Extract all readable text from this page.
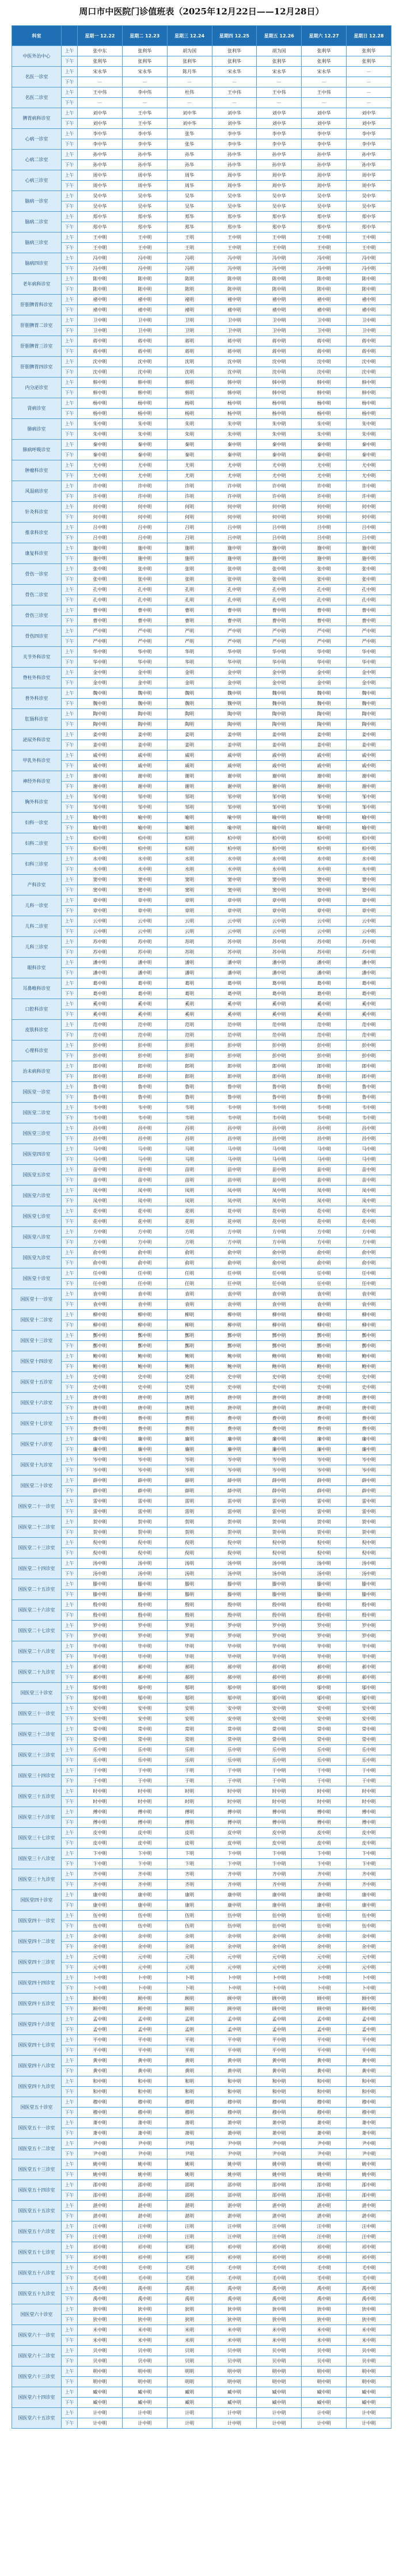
周口市中医院门诊值班表（2025年12月22日——12月28日）
科室		星期一 12.22	星期二 12.23	星期三 12.24	星期四 12.25	星期五 12.26	星期六 12.27	星期日 12.28
中医外治中心	上午	张中东	张利华	胡为国	张利华	胡为国	张利华	张利华
	下午	张利华	张利华	张利华	张利华	张利华	张利华	张利华
名医一诊室	上午	宋永华	宋永华	陈月华	宋永华	宋永华	宋永华	—
	下午	—	—	—	—	—	—	—
名医二诊室	上午	王中伟	李中伟	杜伟	王中伟	王中伟	王中伟	—
	下午	—	—	—	—	—	—	—
脾胃病科诊室	上午	刘中华	王中华	刘中华	刘中华	刘中华	刘中华	刘中华
	下午	刘中华	王中华	刘中华	刘中华	刘中华	刘中华	刘中华
心病一诊室	上午	李中华	李中华	张华	李中华	李中华	李中华	李中华
	下午	李中华	李中华	张华	李中华	李中华	李中华	李中华
心病二诊室	上午	孙中华	孙中华	孙华	孙中华	孙中华	孙中华	孙中华
	下午	孙中华	孙中华	孙华	孙中华	孙中华	孙中华	孙中华
心病三诊室	上午	周中华	周中华	周华	周中华	周中华	周中华	周中华
	下午	周中华	周中华	周华	周中华	周中华	周中华	周中华
脑病一诊室	上午	吴中华	吴中华	吴华	吴中华	吴中华	吴中华	吴中华
	下午	吴中华	吴中华	吴华	吴中华	吴中华	吴中华	吴中华
脑病二诊室	上午	郑中华	郑中华	郑华	郑中华	郑中华	郑中华	郑中华
	下午	郑中华	郑中华	郑华	郑中华	郑中华	郑中华	郑中华
脑病三诊室	上午	王中明	王中明	王明	王中明	王中明	王中明	王中明
	下午	王中明	王中明	王明	王中明	王中明	王中明	王中明
脑病四诊室	上午	冯中明	冯中明	冯明	冯中明	冯中明	冯中明	冯中明
	下午	冯中明	冯中明	冯明	冯中明	冯中明	冯中明	冯中明
老年病科诊室	上午	陈中明	陈中明	陈明	陈中明	陈中明	陈中明	陈中明
	下午	陈中明	陈中明	陈明	陈中明	陈中明	陈中明	陈中明
肝胆脾胃科诊室	上午	褚中明	褚中明	褚明	褚中明	褚中明	褚中明	褚中明
	下午	褚中明	褚中明	褚明	褚中明	褚中明	褚中明	褚中明
肝胆脾胃二诊室	上午	卫中明	卫中明	卫明	卫中明	卫中明	卫中明	卫中明
	下午	卫中明	卫中明	卫明	卫中明	卫中明	卫中明	卫中明
肝胆脾胃三诊室	上午	蒋中明	蒋中明	蒋明	蒋中明	蒋中明	蒋中明	蒋中明
	下午	蒋中明	蒋中明	蒋明	蒋中明	蒋中明	蒋中明	蒋中明
肝胆脾胃四诊室	上午	沈中明	沈中明	沈明	沈中明	沈中明	沈中明	沈中明
	下午	沈中明	沈中明	沈明	沈中明	沈中明	沈中明	沈中明
内分泌诊室	上午	韩中明	韩中明	韩明	韩中明	韩中明	韩中明	韩中明
	下午	韩中明	韩中明	韩明	韩中明	韩中明	韩中明	韩中明
肾病诊室	上午	杨中明	杨中明	杨明	杨中明	杨中明	杨中明	杨中明
	下午	杨中明	杨中明	杨明	杨中明	杨中明	杨中明	杨中明
肺病诊室	上午	朱中明	朱中明	朱明	朱中明	朱中明	朱中明	朱中明
	下午	朱中明	朱中明	朱明	朱中明	朱中明	朱中明	朱中明
肺病呼吸诊室	上午	秦中明	秦中明	秦明	秦中明	秦中明	秦中明	秦中明
	下午	秦中明	秦中明	秦明	秦中明	秦中明	秦中明	秦中明
肿瘤科诊室	上午	尤中明	尤中明	尤明	尤中明	尤中明	尤中明	尤中明
	下午	尤中明	尤中明	尤明	尤中明	尤中明	尤中明	尤中明
风湿病诊室	上午	许中明	许中明	许明	许中明	许中明	许中明	许中明
	下午	许中明	许中明	许明	许中明	许中明	许中明	许中明
针灸科诊室	上午	何中明	何中明	何明	何中明	何中明	何中明	何中明
	下午	何中明	何中明	何明	何中明	何中明	何中明	何中明
推拿科诊室	上午	吕中明	吕中明	吕明	吕中明	吕中明	吕中明	吕中明
	下午	吕中明	吕中明	吕明	吕中明	吕中明	吕中明	吕中明
康复科诊室	上午	施中明	施中明	施明	施中明	施中明	施中明	施中明
	下午	施中明	施中明	施明	施中明	施中明	施中明	施中明
骨伤一诊室	上午	张中明	张中明	张明	张中明	张中明	张中明	张中明
	下午	张中明	张中明	张明	张中明	张中明	张中明	张中明
骨伤二诊室	上午	孔中明	孔中明	孔明	孔中明	孔中明	孔中明	孔中明
	下午	孔中明	孔中明	孔明	孔中明	孔中明	孔中明	孔中明
骨伤三诊室	上午	曹中明	曹中明	曹明	曹中明	曹中明	曹中明	曹中明
	下午	曹中明	曹中明	曹明	曹中明	曹中明	曹中明	曹中明
骨伤四诊室	上午	严中明	严中明	严明	严中明	严中明	严中明	严中明
	下午	严中明	严中明	严明	严中明	严中明	严中明	严中明
关节外科诊室	上午	华中明	华中明	华明	华中明	华中明	华中明	华中明
	下午	华中明	华中明	华明	华中明	华中明	华中明	华中明
脊柱外科诊室	上午	金中明	金中明	金明	金中明	金中明	金中明	金中明
	下午	金中明	金中明	金明	金中明	金中明	金中明	金中明
普外科诊室	上午	魏中明	魏中明	魏明	魏中明	魏中明	魏中明	魏中明
	下午	魏中明	魏中明	魏明	魏中明	魏中明	魏中明	魏中明
肛肠科诊室	上午	陶中明	陶中明	陶明	陶中明	陶中明	陶中明	陶中明
	下午	陶中明	陶中明	陶明	陶中明	陶中明	陶中明	陶中明
泌尿外科诊室	上午	姜中明	姜中明	姜明	姜中明	姜中明	姜中明	姜中明
	下午	姜中明	姜中明	姜明	姜中明	姜中明	姜中明	姜中明
甲乳外科诊室	上午	戚中明	戚中明	戚明	戚中明	戚中明	戚中明	戚中明
	下午	戚中明	戚中明	戚明	戚中明	戚中明	戚中明	戚中明
神经外科诊室	上午	谢中明	谢中明	谢明	谢中明	谢中明	谢中明	谢中明
	下午	谢中明	谢中明	谢明	谢中明	谢中明	谢中明	谢中明
胸外科诊室	上午	邹中明	邹中明	邹明	邹中明	邹中明	邹中明	邹中明
	下午	邹中明	邹中明	邹明	邹中明	邹中明	邹中明	邹中明
妇科一诊室	上午	喻中明	喻中明	喻明	喻中明	喻中明	喻中明	喻中明
	下午	喻中明	喻中明	喻明	喻中明	喻中明	喻中明	喻中明
妇科二诊室	上午	柏中明	柏中明	柏明	柏中明	柏中明	柏中明	柏中明
	下午	柏中明	柏中明	柏明	柏中明	柏中明	柏中明	柏中明
妇科三诊室	上午	水中明	水中明	水明	水中明	水中明	水中明	水中明
	下午	水中明	水中明	水明	水中明	水中明	水中明	水中明
产科诊室	上午	窦中明	窦中明	窦明	窦中明	窦中明	窦中明	窦中明
	下午	窦中明	窦中明	窦明	窦中明	窦中明	窦中明	窦中明
儿科一诊室	上午	章中明	章中明	章明	章中明	章中明	章中明	章中明
	下午	章中明	章中明	章明	章中明	章中明	章中明	章中明
儿科二诊室	上午	云中明	云中明	云明	云中明	云中明	云中明	云中明
	下午	云中明	云中明	云明	云中明	云中明	云中明	云中明
儿科三诊室	上午	苏中明	苏中明	苏明	苏中明	苏中明	苏中明	苏中明
	下午	苏中明	苏中明	苏明	苏中明	苏中明	苏中明	苏中明
眼科诊室	上午	潘中明	潘中明	潘明	潘中明	潘中明	潘中明	潘中明
	下午	潘中明	潘中明	潘明	潘中明	潘中明	潘中明	潘中明
耳鼻喉科诊室	上午	葛中明	葛中明	葛明	葛中明	葛中明	葛中明	葛中明
	下午	葛中明	葛中明	葛明	葛中明	葛中明	葛中明	葛中明
口腔科诊室	上午	奚中明	奚中明	奚明	奚中明	奚中明	奚中明	奚中明
	下午	奚中明	奚中明	奚明	奚中明	奚中明	奚中明	奚中明
皮肤科诊室	上午	范中明	范中明	范明	范中明	范中明	范中明	范中明
	下午	范中明	范中明	范明	范中明	范中明	范中明	范中明
心理科诊室	上午	彭中明	彭中明	彭明	彭中明	彭中明	彭中明	彭中明
	下午	彭中明	彭中明	彭明	彭中明	彭中明	彭中明	彭中明
治未病科诊室	上午	郎中明	郎中明	郎明	郎中明	郎中明	郎中明	郎中明
	下午	郎中明	郎中明	郎明	郎中明	郎中明	郎中明	郎中明
国医堂一诊室	上午	鲁中明	鲁中明	鲁明	鲁中明	鲁中明	鲁中明	鲁中明
	下午	鲁中明	鲁中明	鲁明	鲁中明	鲁中明	鲁中明	鲁中明
国医堂二诊室	上午	韦中明	韦中明	韦明	韦中明	韦中明	韦中明	韦中明
	下午	韦中明	韦中明	韦明	韦中明	韦中明	韦中明	韦中明
国医堂三诊室	上午	昌中明	昌中明	昌明	昌中明	昌中明	昌中明	昌中明
	下午	昌中明	昌中明	昌明	昌中明	昌中明	昌中明	昌中明
国医堂四诊室	上午	马中明	马中明	马明	马中明	马中明	马中明	马中明
	下午	马中明	马中明	马明	马中明	马中明	马中明	马中明
国医堂五诊室	上午	苗中明	苗中明	苗明	苗中明	苗中明	苗中明	苗中明
	下午	苗中明	苗中明	苗明	苗中明	苗中明	苗中明	苗中明
国医堂六诊室	上午	凤中明	凤中明	凤明	凤中明	凤中明	凤中明	凤中明
	下午	凤中明	凤中明	凤明	凤中明	凤中明	凤中明	凤中明
国医堂七诊室	上午	花中明	花中明	花明	花中明	花中明	花中明	花中明
	下午	花中明	花中明	花明	花中明	花中明	花中明	花中明
国医堂八诊室	上午	方中明	方中明	方明	方中明	方中明	方中明	方中明
	下午	方中明	方中明	方明	方中明	方中明	方中明	方中明
国医堂九诊室	上午	俞中明	俞中明	俞明	俞中明	俞中明	俞中明	俞中明
	下午	俞中明	俞中明	俞明	俞中明	俞中明	俞中明	俞中明
国医堂十诊室	上午	任中明	任中明	任明	任中明	任中明	任中明	任中明
	下午	任中明	任中明	任明	任中明	任中明	任中明	任中明
国医堂十一诊室	上午	袁中明	袁中明	袁明	袁中明	袁中明	袁中明	袁中明
	下午	袁中明	袁中明	袁明	袁中明	袁中明	袁中明	袁中明
国医堂十二诊室	上午	柳中明	柳中明	柳明	柳中明	柳中明	柳中明	柳中明
	下午	柳中明	柳中明	柳明	柳中明	柳中明	柳中明	柳中明
国医堂十三诊室	上午	酆中明	酆中明	酆明	酆中明	酆中明	酆中明	酆中明
	下午	酆中明	酆中明	酆明	酆中明	酆中明	酆中明	酆中明
国医堂十四诊室	上午	鲍中明	鲍中明	鲍明	鲍中明	鲍中明	鲍中明	鲍中明
	下午	鲍中明	鲍中明	鲍明	鲍中明	鲍中明	鲍中明	鲍中明
国医堂十五诊室	上午	史中明	史中明	史明	史中明	史中明	史中明	史中明
	下午	史中明	史中明	史明	史中明	史中明	史中明	史中明
国医堂十六诊室	上午	唐中明	唐中明	唐明	唐中明	唐中明	唐中明	唐中明
	下午	唐中明	唐中明	唐明	唐中明	唐中明	唐中明	唐中明
国医堂十七诊室	上午	费中明	费中明	费明	费中明	费中明	费中明	费中明
	下午	费中明	费中明	费明	费中明	费中明	费中明	费中明
国医堂十八诊室	上午	廉中明	廉中明	廉明	廉中明	廉中明	廉中明	廉中明
	下午	廉中明	廉中明	廉明	廉中明	廉中明	廉中明	廉中明
国医堂十九诊室	上午	岑中明	岑中明	岑明	岑中明	岑中明	岑中明	岑中明
	下午	岑中明	岑中明	岑明	岑中明	岑中明	岑中明	岑中明
国医堂二十诊室	上午	薛中明	薛中明	薛明	薛中明	薛中明	薛中明	薛中明
	下午	薛中明	薛中明	薛明	薛中明	薛中明	薛中明	薛中明
国医堂二十一诊室	上午	雷中明	雷中明	雷明	雷中明	雷中明	雷中明	雷中明
	下午	雷中明	雷中明	雷明	雷中明	雷中明	雷中明	雷中明
国医堂二十二诊室	上午	贺中明	贺中明	贺明	贺中明	贺中明	贺中明	贺中明
	下午	贺中明	贺中明	贺明	贺中明	贺中明	贺中明	贺中明
国医堂二十三诊室	上午	倪中明	倪中明	倪明	倪中明	倪中明	倪中明	倪中明
	下午	倪中明	倪中明	倪明	倪中明	倪中明	倪中明	倪中明
国医堂二十四诊室	上午	汤中明	汤中明	汤明	汤中明	汤中明	汤中明	汤中明
	下午	汤中明	汤中明	汤明	汤中明	汤中明	汤中明	汤中明
国医堂二十五诊室	上午	滕中明	滕中明	滕明	滕中明	滕中明	滕中明	滕中明
	下午	滕中明	滕中明	滕明	滕中明	滕中明	滕中明	滕中明
国医堂二十六诊室	上午	殷中明	殷中明	殷明	殷中明	殷中明	殷中明	殷中明
	下午	殷中明	殷中明	殷明	殷中明	殷中明	殷中明	殷中明
国医堂二十七诊室	上午	罗中明	罗中明	罗明	罗中明	罗中明	罗中明	罗中明
	下午	罗中明	罗中明	罗明	罗中明	罗中明	罗中明	罗中明
国医堂二十八诊室	上午	毕中明	毕中明	毕明	毕中明	毕中明	毕中明	毕中明
	下午	毕中明	毕中明	毕明	毕中明	毕中明	毕中明	毕中明
国医堂二十九诊室	上午	郝中明	郝中明	郝明	郝中明	郝中明	郝中明	郝中明
	下午	郝中明	郝中明	郝明	郝中明	郝中明	郝中明	郝中明
国医堂三十诊室	上午	邬中明	邬中明	邬明	邬中明	邬中明	邬中明	邬中明
	下午	邬中明	邬中明	邬明	邬中明	邬中明	邬中明	邬中明
国医堂三十一诊室	上午	安中明	安中明	安明	安中明	安中明	安中明	安中明
	下午	安中明	安中明	安明	安中明	安中明	安中明	安中明
国医堂三十二诊室	上午	常中明	常中明	常明	常中明	常中明	常中明	常中明
	下午	常中明	常中明	常明	常中明	常中明	常中明	常中明
国医堂三十三诊室	上午	乐中明	乐中明	乐明	乐中明	乐中明	乐中明	乐中明
	下午	乐中明	乐中明	乐明	乐中明	乐中明	乐中明	乐中明
国医堂三十四诊室	上午	于中明	于中明	于明	于中明	于中明	于中明	于中明
	下午	于中明	于中明	于明	于中明	于中明	于中明	于中明
国医堂三十五诊室	上午	时中明	时中明	时明	时中明	时中明	时中明	时中明
	下午	时中明	时中明	时明	时中明	时中明	时中明	时中明
国医堂三十六诊室	上午	傅中明	傅中明	傅明	傅中明	傅中明	傅中明	傅中明
	下午	傅中明	傅中明	傅明	傅中明	傅中明	傅中明	傅中明
国医堂三十七诊室	上午	皮中明	皮中明	皮明	皮中明	皮中明	皮中明	皮中明
	下午	皮中明	皮中明	皮明	皮中明	皮中明	皮中明	皮中明
国医堂三十八诊室	上午	卞中明	卞中明	卞明	卞中明	卞中明	卞中明	卞中明
	下午	卞中明	卞中明	卞明	卞中明	卞中明	卞中明	卞中明
国医堂三十九诊室	上午	齐中明	齐中明	齐明	齐中明	齐中明	齐中明	齐中明
	下午	齐中明	齐中明	齐明	齐中明	齐中明	齐中明	齐中明
国医堂四十诊室	上午	康中明	康中明	康明	康中明	康中明	康中明	康中明
	下午	康中明	康中明	康明	康中明	康中明	康中明	康中明
国医堂四十一诊室	上午	伍中明	伍中明	伍明	伍中明	伍中明	伍中明	伍中明
	下午	伍中明	伍中明	伍明	伍中明	伍中明	伍中明	伍中明
国医堂四十二诊室	上午	余中明	余中明	余明	余中明	余中明	余中明	余中明
	下午	余中明	余中明	余明	余中明	余中明	余中明	余中明
国医堂四十三诊室	上午	元中明	元中明	元明	元中明	元中明	元中明	元中明
	下午	元中明	元中明	元明	元中明	元中明	元中明	元中明
国医堂四十四诊室	上午	卜中明	卜中明	卜明	卜中明	卜中明	卜中明	卜中明
	下午	卜中明	卜中明	卜明	卜中明	卜中明	卜中明	卜中明
国医堂四十五诊室	上午	顾中明	顾中明	顾明	顾中明	顾中明	顾中明	顾中明
	下午	顾中明	顾中明	顾明	顾中明	顾中明	顾中明	顾中明
国医堂四十六诊室	上午	孟中明	孟中明	孟明	孟中明	孟中明	孟中明	孟中明
	下午	孟中明	孟中明	孟明	孟中明	孟中明	孟中明	孟中明
国医堂四十七诊室	上午	平中明	平中明	平明	平中明	平中明	平中明	平中明
	下午	平中明	平中明	平明	平中明	平中明	平中明	平中明
国医堂四十八诊室	上午	黄中明	黄中明	黄明	黄中明	黄中明	黄中明	黄中明
	下午	黄中明	黄中明	黄明	黄中明	黄中明	黄中明	黄中明
国医堂四十九诊室	上午	和中明	和中明	和明	和中明	和中明	和中明	和中明
	下午	和中明	和中明	和明	和中明	和中明	和中明	和中明
国医堂五十诊室	上午	穆中明	穆中明	穆明	穆中明	穆中明	穆中明	穆中明
	下午	穆中明	穆中明	穆明	穆中明	穆中明	穆中明	穆中明
国医堂五十一诊室	上午	萧中明	萧中明	萧明	萧中明	萧中明	萧中明	萧中明
	下午	萧中明	萧中明	萧明	萧中明	萧中明	萧中明	萧中明
国医堂五十二诊室	上午	尹中明	尹中明	尹明	尹中明	尹中明	尹中明	尹中明
	下午	尹中明	尹中明	尹明	尹中明	尹中明	尹中明	尹中明
国医堂五十三诊室	上午	姚中明	姚中明	姚明	姚中明	姚中明	姚中明	姚中明
	下午	姚中明	姚中明	姚明	姚中明	姚中明	姚中明	姚中明
国医堂五十四诊室	上午	邵中明	邵中明	邵明	邵中明	邵中明	邵中明	邵中明
	下午	邵中明	邵中明	邵明	邵中明	邵中明	邵中明	邵中明
国医堂五十五诊室	上午	湛中明	湛中明	湛明	湛中明	湛中明	湛中明	湛中明
	下午	湛中明	湛中明	湛明	湛中明	湛中明	湛中明	湛中明
国医堂五十六诊室	上午	汪中明	汪中明	汪明	汪中明	汪中明	汪中明	汪中明
	下午	汪中明	汪中明	汪明	汪中明	汪中明	汪中明	汪中明
国医堂五十七诊室	上午	祁中明	祁中明	祁明	祁中明	祁中明	祁中明	祁中明
	下午	祁中明	祁中明	祁明	祁中明	祁中明	祁中明	祁中明
国医堂五十八诊室	上午	毛中明	毛中明	毛明	毛中明	毛中明	毛中明	毛中明
	下午	毛中明	毛中明	毛明	毛中明	毛中明	毛中明	毛中明
国医堂五十九诊室	上午	禹中明	禹中明	禹明	禹中明	禹中明	禹中明	禹中明
	下午	禹中明	禹中明	禹明	禹中明	禹中明	禹中明	禹中明
国医堂六十诊室	上午	狄中明	狄中明	狄明	狄中明	狄中明	狄中明	狄中明
	下午	狄中明	狄中明	狄明	狄中明	狄中明	狄中明	狄中明
国医堂六十一诊室	上午	米中明	米中明	米明	米中明	米中明	米中明	米中明
	下午	米中明	米中明	米明	米中明	米中明	米中明	米中明
国医堂六十二诊室	上午	贝中明	贝中明	贝明	贝中明	贝中明	贝中明	贝中明
	下午	贝中明	贝中明	贝明	贝中明	贝中明	贝中明	贝中明
国医堂六十三诊室	上午	明中明	明中明	明明	明中明	明中明	明中明	明中明
	下午	明中明	明中明	明明	明中明	明中明	明中明	明中明
国医堂六十四诊室	上午	臧中明	臧中明	臧明	臧中明	臧中明	臧中明	臧中明
	下午	臧中明	臧中明	臧明	臧中明	臧中明	臧中明	臧中明
国医堂六十五诊室	上午	计中明	计中明	计明	计中明	计中明	计中明	计中明
	下午	计中明	计中明	计明	计中明	计中明	计中明	计中明
